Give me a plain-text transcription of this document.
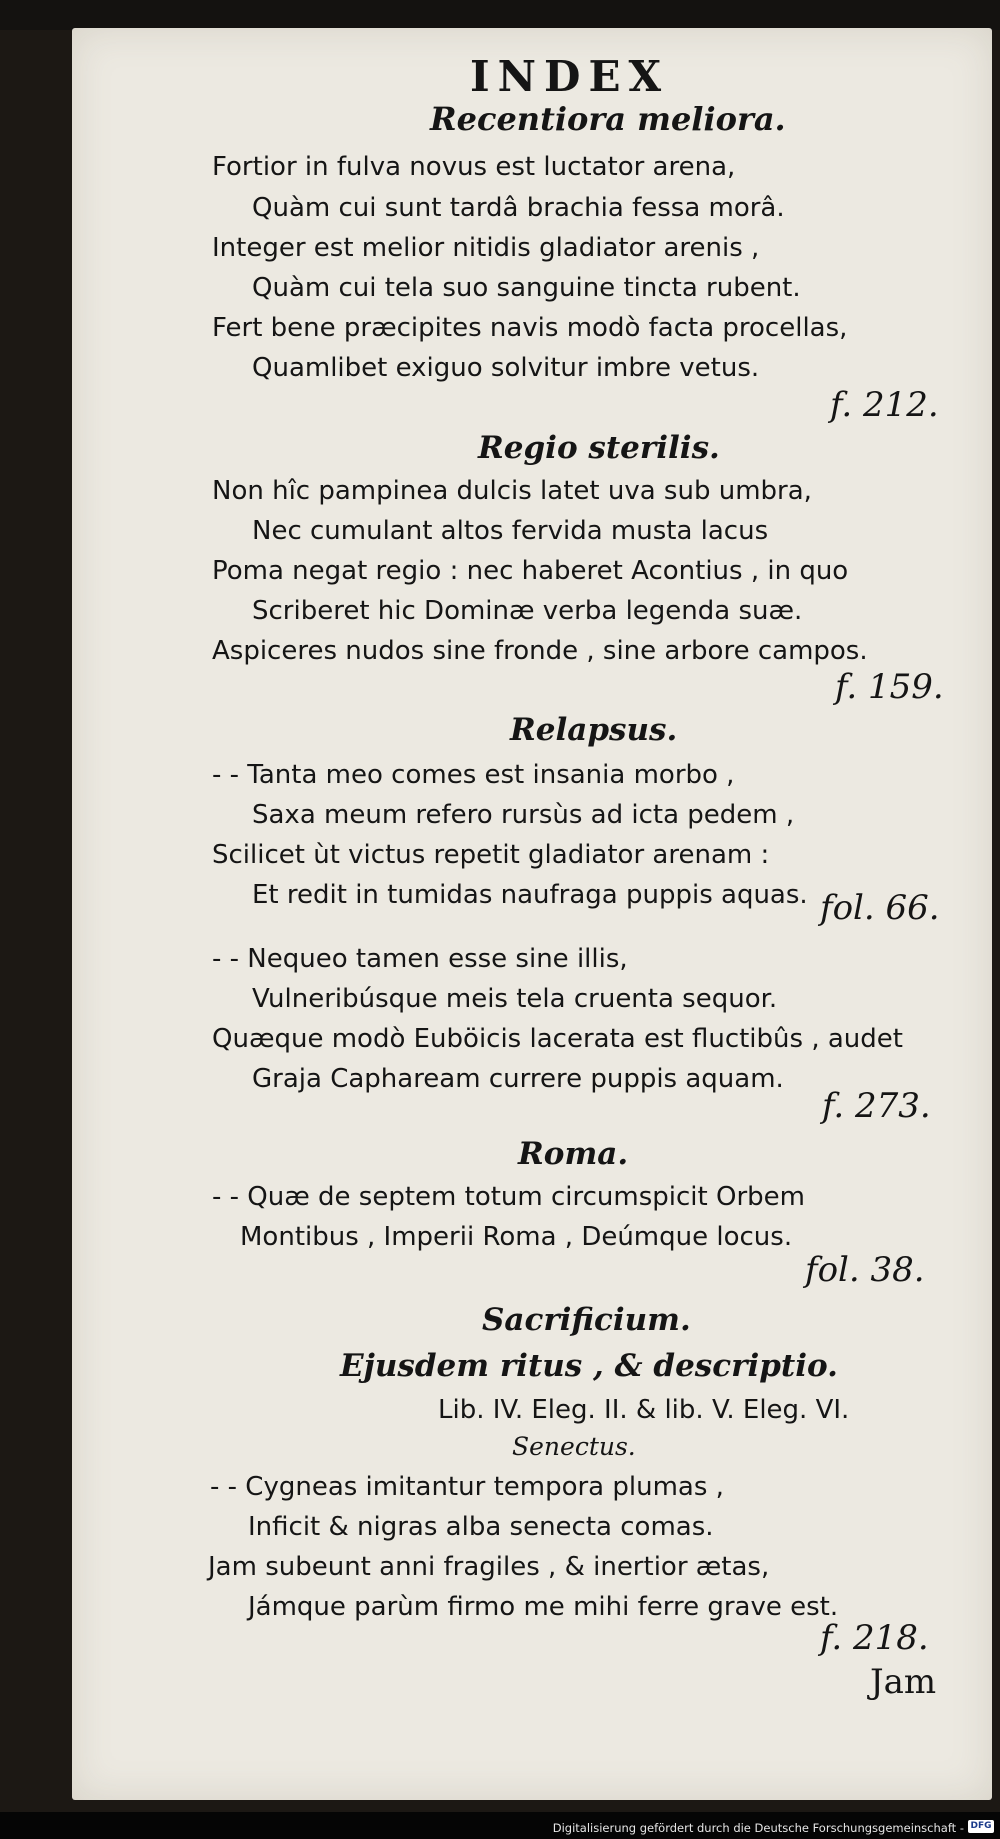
INDEX
Recentiora meliora.
Fortior in fulva novus est luctator arena,
Quàm cui sunt tardâ brachia fessa morâ.
Integer est melior nitidis gladiator arenis ,
Quàm cui tela suo sanguine tincta rubent.
Fert bene præcipites navis modò facta procellas,
Quamlibet exiguo solvitur imbre vetus.
f. 212.
Regio sterilis.
Non hîc pampinea dulcis latet uva sub umbra,
Nec cumulant altos fervida musta lacus
Poma negat regio : nec haberet Acontius , in quo
Scriberet hic Dominæ verba legenda suæ.
Aspiceres nudos sine fronde , sine arbore campos.
f. 159.
Relapsus.
- - Tanta meo comes est insania morbo ,
Saxa meum refero rursùs ad icta pedem ,
Scilicet ùt victus repetit gladiator arenam :
Et redit in tumidas naufraga puppis aquas. fol. 66.
- - Nequeo tamen esse sine illis,
Vulneribúsque meis tela cruenta sequor.
Quæque modò Euböicis lacerata est fluctibûs , audet
Graja Caphaream currere puppis aquam.
f. 273.
Roma.
- - Quæ de septem totum circumspicit Orbem
Montibus , Imperii Roma , Deúmque locus.
fol. 38.
Sacrificium.
Ejusdem ritus , & descriptio.
Lib. IV. Eleg. II. & lib. V. Eleg. VI.
Senectus.
- - Cygneas imitantur tempora plumas ,
Inficit & nigras alba senecta comas.
Jam subeunt anni fragiles , & inertior ætas,
Jámque parùm firmo me mihi ferre grave est.
f. 218.
Jam
Digitalisierung gefördert durch die Deutsche Forschungsgemeinschaft - DFG
